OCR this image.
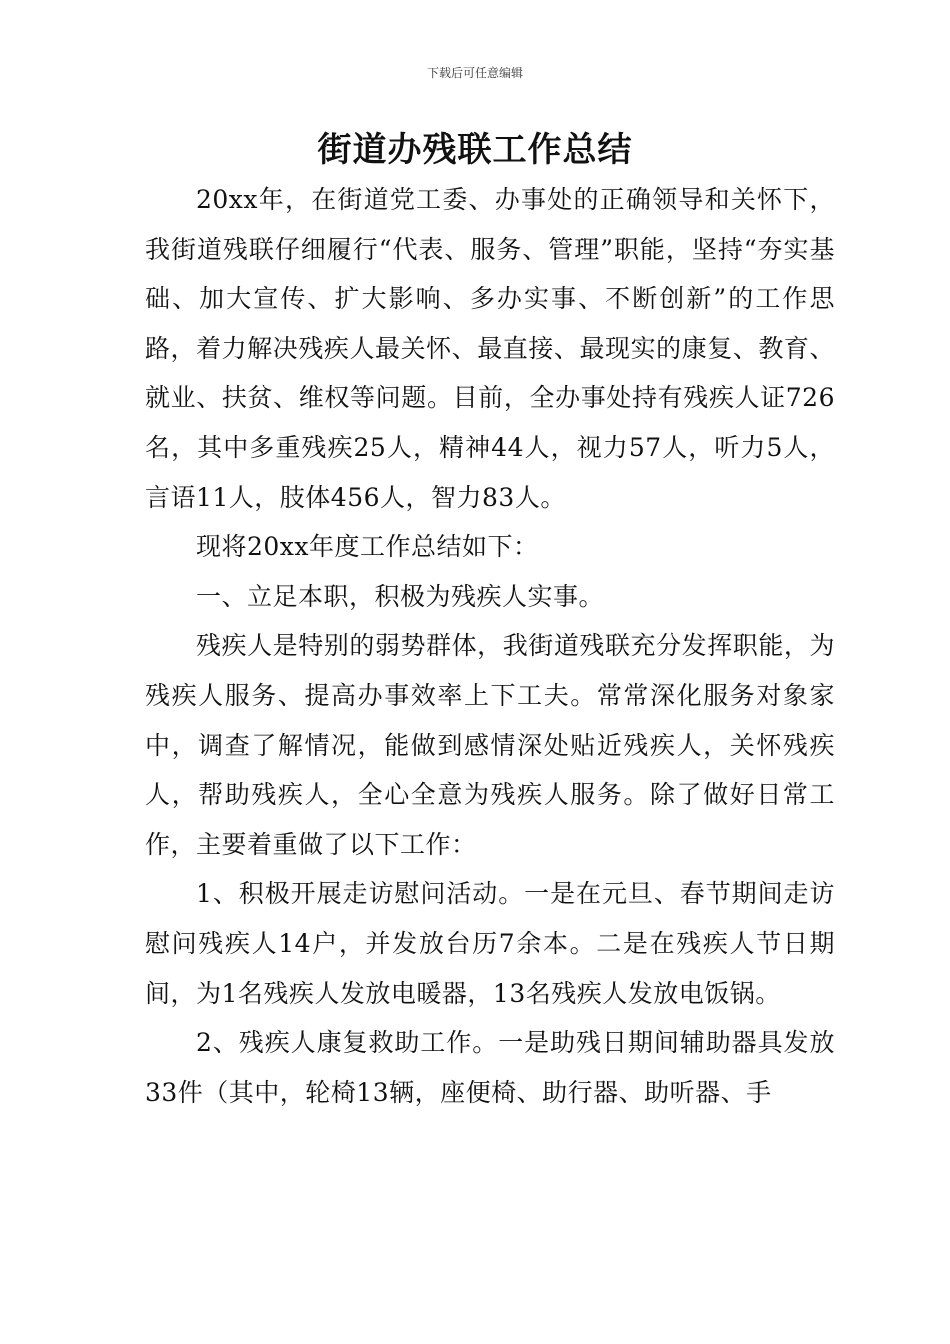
下载后可任意编辑
街道办残联工作总结

20xx年，在街道党工委、办事处的正确领导和关怀下，我街道残联仔细履行“代表、服务、管理”职能，坚持“夯实基础、加大宣传、扩大影响、多办实事、不断创新”的工作思路，着力解决残疾人最关怀、最直接、最现实的康复、教育、就业、扶贫、维权等问题。目前，全办事处持有残疾人证726名，其中多重残疾25人，精神44人，视力57人，听力5人，言语11人，肢体456人，智力83人。

现将20xx年度工作总结如下：

一、立足本职，积极为残疾人实事。

残疾人是特别的弱势群体，我街道残联充分发挥职能，为残疾人服务、提高办事效率上下工夫。常常深化服务对象家中，调查了解情况，能做到感情深处贴近残疾人，关怀残疾人，帮助残疾人，全心全意为残疾人服务。除了做好日常工作，主要着重做了以下工作：

1、积极开展走访慰问活动。一是在元旦、春节期间走访慰问残疾人14户，并发放台历7余本。二是在残疾人节日期间，为1名残疾人发放电暖器，13名残疾人发放电饭锅。

2、残疾人康复救助工作。一是助残日期间辅助器具发放33件（其中，轮椅13辆，座便椅、助行器、助听器、手
